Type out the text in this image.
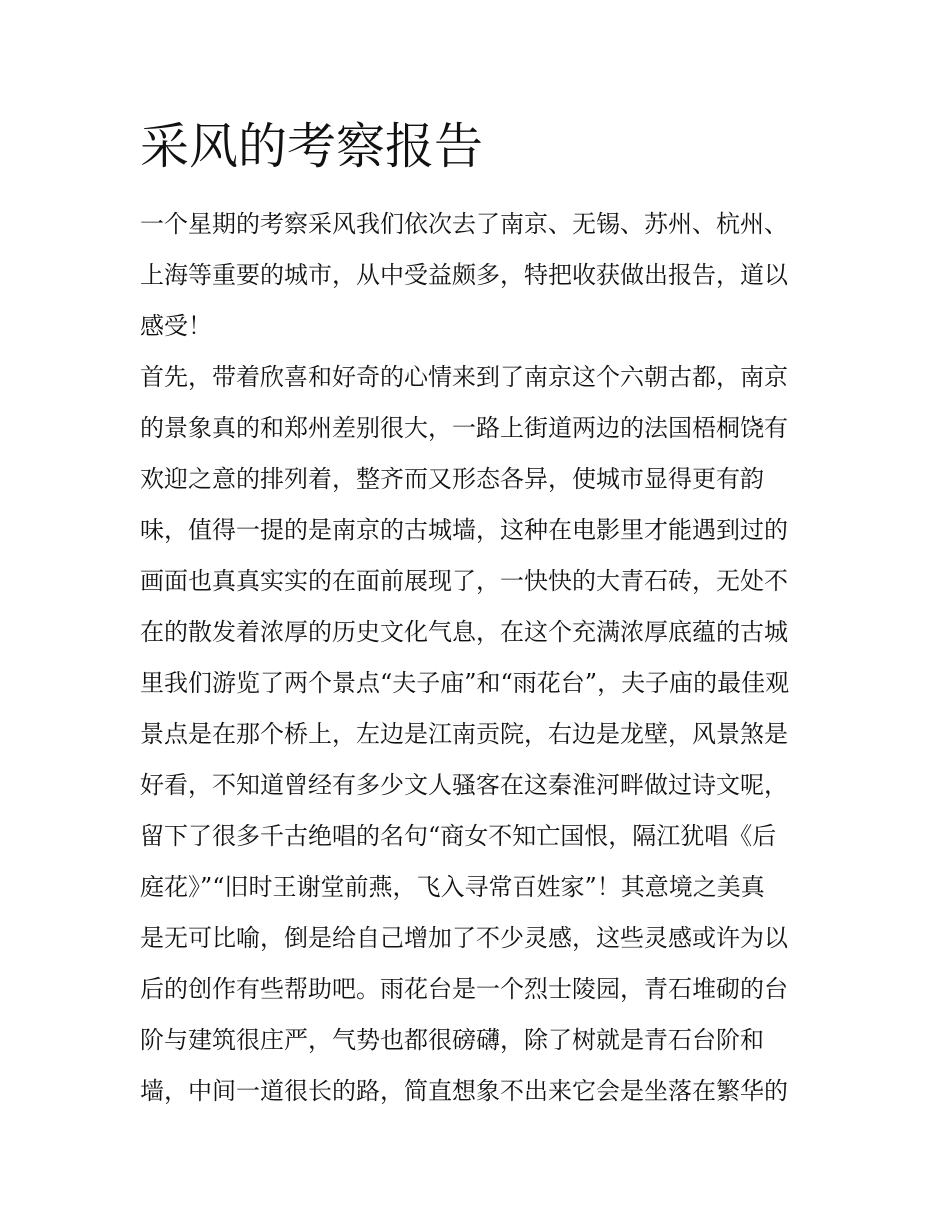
采风的考察报告
一个星期的考察采风我们依次去了南京、无锡、苏州、杭州、
上海等重要的城市，从中受益颇多，特把收获做出报告，道以
感受！
首先，带着欣喜和好奇的心情来到了南京这个六朝古都，南京
的景象真的和郑州差别很大，一路上街道两边的法国梧桐饶有
欢迎之意的排列着，整齐而又形态各异，使城市显得更有韵
味，值得一提的是南京的古城墙，这种在电影里才能遇到过的
画面也真真实实的在面前展现了，一快快的大青石砖，无处不
在的散发着浓厚的历史文化气息，在这个充满浓厚底蕴的古城
里我们游览了两个景点“夫子庙”和“雨花台”，夫子庙的最佳观
景点是在那个桥上，左边是江南贡院，右边是龙壁，风景煞是
好看，不知道曾经有多少文人骚客在这秦淮河畔做过诗文呢，
留下了很多千古绝唱的名句“商女不知亡国恨，隔江犹唱《后
庭花》”“旧时王谢堂前燕，飞入寻常百姓家”！其意境之美真
是无可比喻，倒是给自己增加了不少灵感，这些灵感或许为以
后的创作有些帮助吧。雨花台是一个烈士陵园，青石堆砌的台
阶与建筑很庄严，气势也都很磅礴，除了树就是青石台阶和
墙，中间一道很长的路，简直想象不出来它会是坐落在繁华的
